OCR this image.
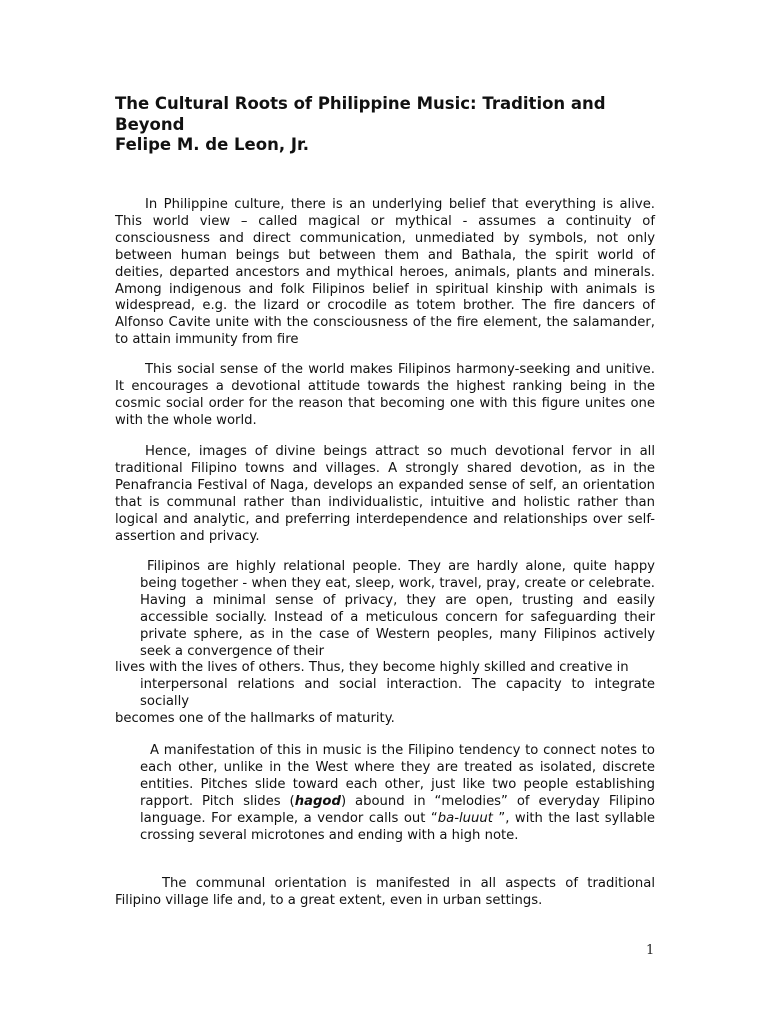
The Cultural Roots of Philippine Music: Tradition and Beyond
Felipe M. de Leon, Jr.

In Philippine culture, there is an underlying belief that everything is alive. This world view – called magical or mythical - assumes a continuity of consciousness and direct communication, unmediated by symbols, not only between human beings but between them and Bathala, the spirit world of deities, departed ancestors and mythical heroes, animals, plants and minerals. Among indigenous and folk Filipinos belief in spiritual kinship with animals is widespread, e.g. the lizard or crocodile as totem brother. The fire dancers of Alfonso Cavite unite with the consciousness of the fire element, the salamander, to attain immunity from fire

This social sense of the world makes Filipinos harmony-seeking and unitive. It encourages a devotional attitude towards the highest ranking being in the cosmic social order for the reason that becoming one with this figure unites one with the whole world.

Hence, images of divine beings attract so much devotional fervor in all traditional Filipino towns and villages. A strongly shared devotion, as in the Penafrancia Festival of Naga, develops an expanded sense of self, an orientation that is communal rather than individualistic, intuitive and holistic rather than logical and analytic, and preferring interdependence and relationships over self-assertion and privacy.

Filipinos are highly relational people. They are hardly alone, quite happy being together - when they eat, sleep, work, travel, pray, create or celebrate. Having a minimal sense of privacy, they are open, trusting and easily accessible socially. Instead of a meticulous concern for safeguarding their private sphere, as in the case of Western peoples, many Filipinos actively seek a convergence of their

lives with the lives of others. Thus, they become highly skilled and creative in

interpersonal relations and social interaction. The capacity to integrate socially

becomes one of the hallmarks of maturity.

A manifestation of this in music is the Filipino tendency to connect notes to each other, unlike in the West where they are treated as isolated, discrete entities. Pitches slide toward each other, just like two people establishing rapport. Pitch slides (hagod) abound in “melodies” of everyday Filipino language. For example, a vendor calls out “ba-luuut ”, with the last syllable crossing several microtones and ending with a high note.

The communal orientation is manifested in all aspects of traditional Filipino village life and, to a great extent, even in urban settings.

1
